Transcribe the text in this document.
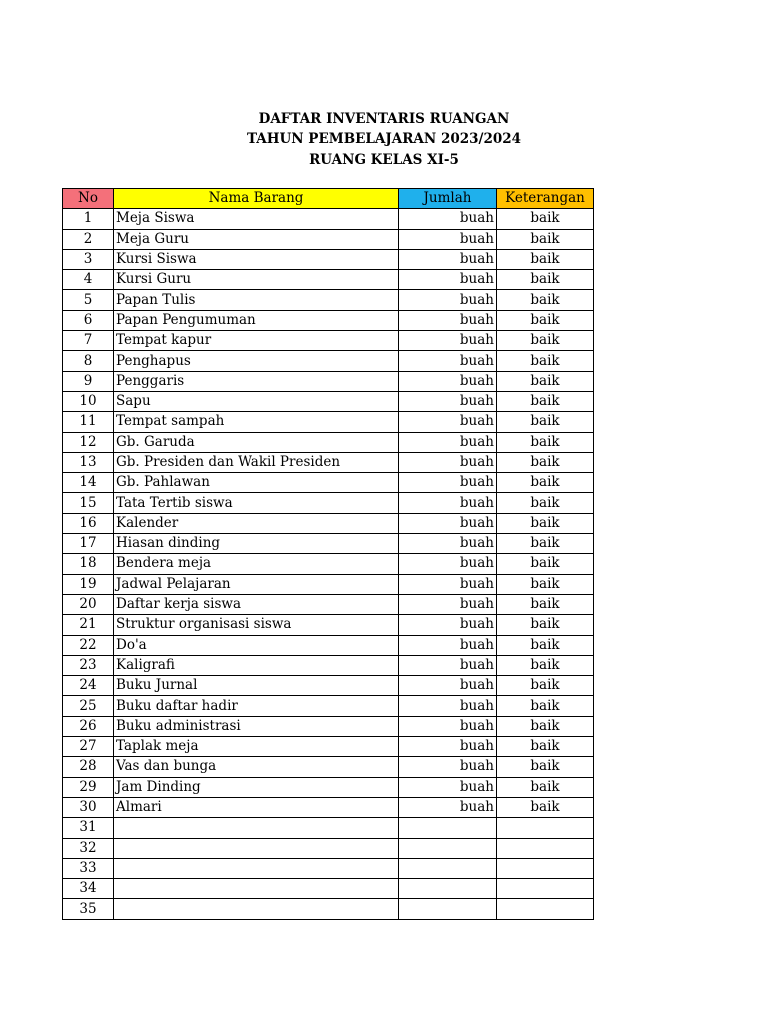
DAFTAR INVENTARIS RUANGAN
TAHUN PEMBELAJARAN 2023/2024
RUANG KELAS XI-5
No	Nama Barang	Jumlah	Keterangan
1	Meja Siswa	buah	baik
2	Meja Guru	buah	baik
3	Kursi Siswa	buah	baik
4	Kursi Guru	buah	baik
5	Papan Tulis	buah	baik
6	Papan Pengumuman	buah	baik
7	Tempat kapur	buah	baik
8	Penghapus	buah	baik
9	Penggaris	buah	baik
10	Sapu	buah	baik
11	Tempat sampah	buah	baik
12	Gb. Garuda	buah	baik
13	Gb. Presiden dan Wakil Presiden	buah	baik
14	Gb. Pahlawan	buah	baik
15	Tata Tertib siswa	buah	baik
16	Kalender	buah	baik
17	Hiasan dinding	buah	baik
18	Bendera meja	buah	baik
19	Jadwal Pelajaran	buah	baik
20	Daftar kerja siswa	buah	baik
21	Struktur organisasi siswa	buah	baik
22	Do'a	buah	baik
23	Kaligrafi	buah	baik
24	Buku Jurnal	buah	baik
25	Buku daftar hadir	buah	baik
26	Buku administrasi	buah	baik
27	Taplak meja	buah	baik
28	Vas dan bunga	buah	baik
29	Jam Dinding	buah	baik
30	Almari	buah	baik
31			
32			
33			
34			
35			
